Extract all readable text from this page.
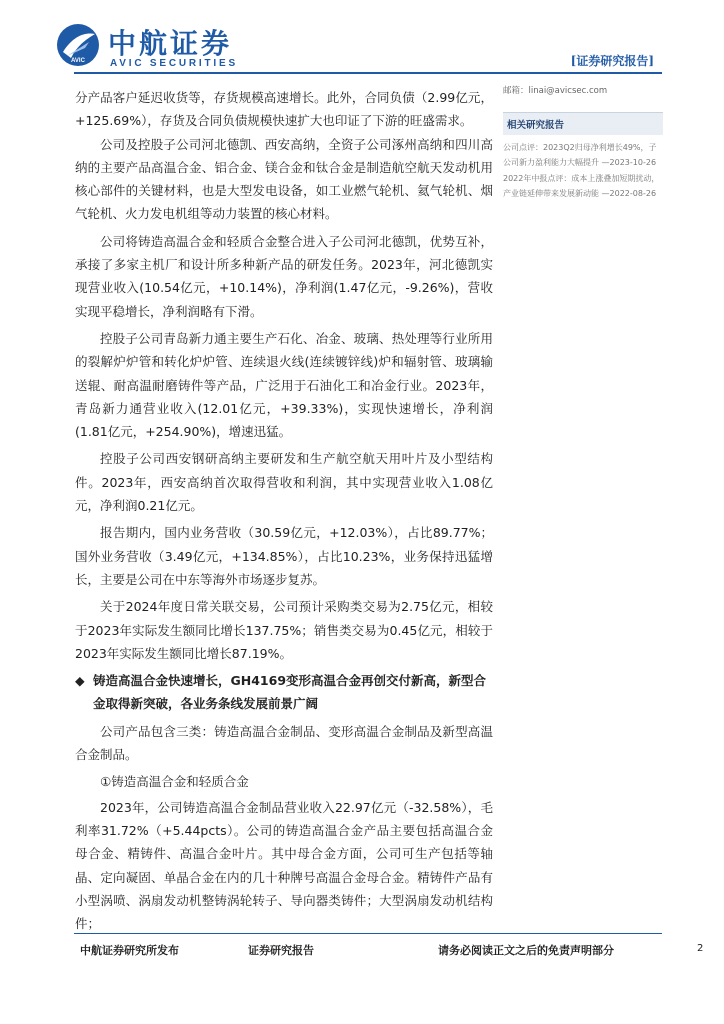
AVIC
中航证券
AVIC SECURITIES	[证券研究报告]

分产品客户延迟收货等，存货规模高速增长。此外，合同负债（2.99亿元，+125.69%），存货及合同负债规模快速扩大也印证了下游的旺盛需求。

公司及控股子公司河北德凯、西安高纳，全资子公司涿州高纳和四川高纳的主要产品高温合金、铝合金、镁合金和钛合金是制造航空航天发动机用核心部件的关键材料，也是大型发电设备，如工业燃气轮机、氦气轮机、烟气轮机、火力发电机组等动力装置的核心材料。

公司将铸造高温合金和轻质合金整合进入子公司河北德凯，优势互补，承接了多家主机厂和设计所多种新产品的研发任务。2023年，河北德凯实现营业收入(10.54亿元，+10.14%)，净利润(1.47亿元，-9.26%)，营收实现平稳增长，净利润略有下滑。

控股子公司青岛新力通主要生产石化、冶金、玻璃、热处理等行业所用的裂解炉炉管和转化炉炉管、连续退火线(连续镀锌线)炉和辐射管、玻璃输送辊、耐高温耐磨铸件等产品，广泛用于石油化工和冶金行业。2023年，青岛新力通营业收入(12.01亿元，+39.33%)，实现快速增长，净利润(1.81亿元，+254.90%)，增速迅猛。

控股子公司西安钢研高纳主要研发和生产航空航天用叶片及小型结构件。2023年，西安高纳首次取得营收和利润，其中实现营业收入1.08亿元，净利润0.21亿元。

报告期内，国内业务营收（30.59亿元，+12.03%），占比89.77%；国外业务营收（3.49亿元，+134.85%），占比10.23%，业务保持迅猛增长，主要是公司在中东等海外市场逐步复苏。

关于2024年度日常关联交易，公司预计采购类交易为2.75亿元，相较于2023年实际发生额同比增长137.75%；销售类交易为0.45亿元，相较于2023年实际发生额同比增长87.19%。

◆ 铸造高温合金快速增长，GH4169变形高温合金再创交付新高，新型合金取得新突破，各业务条线发展前景广阔

公司产品包含三类：铸造高温合金制品、变形高温合金制品及新型高温合金制品。

①铸造高温合金和轻质合金

2023年，公司铸造高温合金制品营业收入22.97亿元（-32.58%），毛利率31.72%（+5.44pcts）。公司的铸造高温合金产品主要包括高温合金母合金、精铸件、高温合金叶片。其中母合金方面，公司可生产包括等轴晶、定向凝固、单晶合金在内的几十种牌号高温合金母合金。精铸件产品有小型涡喷、涡扇发动机整铸涡轮转子、导向器类铸件；大型涡扇发动机结构件；

邮箱：linai@avicsec.com
相关研究报告
公司点评：2023Q2归母净利增长49%，子公司新力盈利能力大幅提升 —2023-10-26
2022年中报点评：成本上涨叠加短期扰动，产业链延伸带来发展新动能 —2022-08-26
中航证券研究所发布	证券研究报告	请务必阅读正文之后的免责声明部分	2
